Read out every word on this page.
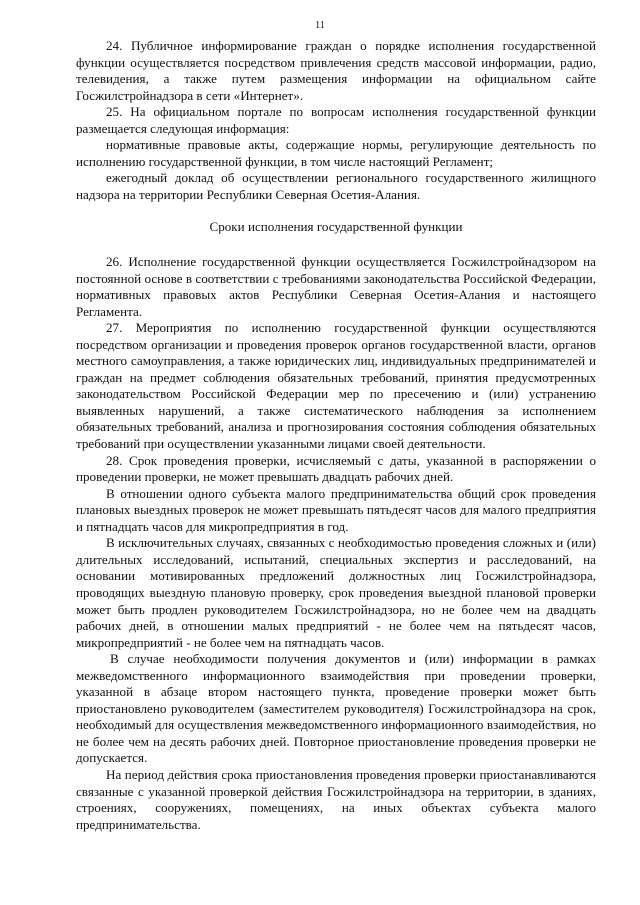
11

24. Публичное информирование граждан о порядке исполнения государственной функции осуществляется посредством привлечения средств массовой информации, радио, телевидения, а также путем размещения информации на официальном сайте Госжилстройнадзора в сети «Интернет».

25. На официальном портале по вопросам исполнения государственной функции размещается следующая информация:

нормативные правовые акты, содержащие нормы, регулирующие деятельность по исполнению государственной функции, в том числе настоящий Регламент;

ежегодный доклад об осуществлении регионального государственного жилищного надзора на территории Республики Северная Осетия-Алания.

Сроки исполнения государственной функции

26. Исполнение государственной функции осуществляется Госжилстройнадзором на постоянной основе в соответствии с требованиями законодательства Российской Федерации, нормативных правовых актов Республики Северная Осетия-Алания и настоящего Регламента.

27. Мероприятия по исполнению государственной функции осуществляются посредством организации и проведения проверок органов государственной власти, органов местного самоуправления, а также юридических лиц, индивидуальных предпринимателей и граждан на предмет соблюдения обязательных требований, принятия предусмотренных законодательством Российской Федерации мер по пресечению и (или) устранению выявленных нарушений, а также систематического наблюдения за исполнением обязательных требований, анализа и прогнозирования состояния соблюдения обязательных требований при осуществлении указанными лицами своей деятельности.

28. Срок проведения проверки, исчисляемый с даты, указанной в распоряжении о проведении проверки, не может превышать двадцать рабочих дней.

В отношении одного субъекта малого предпринимательства общий срок проведения плановых выездных проверок не может превышать пятьдесят часов для малого предприятия и пятнадцать часов для микропредприятия в год.

В исключительных случаях, связанных с необходимостью проведения сложных и (или) длительных исследований, испытаний, специальных экспертиз и расследований, на основании мотивированных предложений должностных лиц Госжилстройнадзора, проводящих выездную плановую проверку, срок проведения выездной плановой проверки может быть продлен руководителем Госжилстройнадзора, но не более чем на двадцать рабочих дней, в отношении малых предприятий - не более чем на пятьдесят часов, микропредприятий - не более чем на пятнадцать часов.

В случае необходимости получения документов и (или) информации в рамках межведомственного информационного взаимодействия при проведении проверки, указанной в абзаце втором настоящего пункта, проведение проверки может быть приостановлено руководителем (заместителем руководителя) Госжилстройнадзора на срок, необходимый для осуществления межведомственного информационного взаимодействия, но не более чем на десять рабочих дней. Повторное приостановление проведения проверки не допускается.

На период действия срока приостановления проведения проверки приостанавливаются связанные с указанной проверкой действия Госжилстройнадзора на территории, в зданиях, строениях, сооружениях, помещениях, на иных объектах субъекта малого предпринимательства.
